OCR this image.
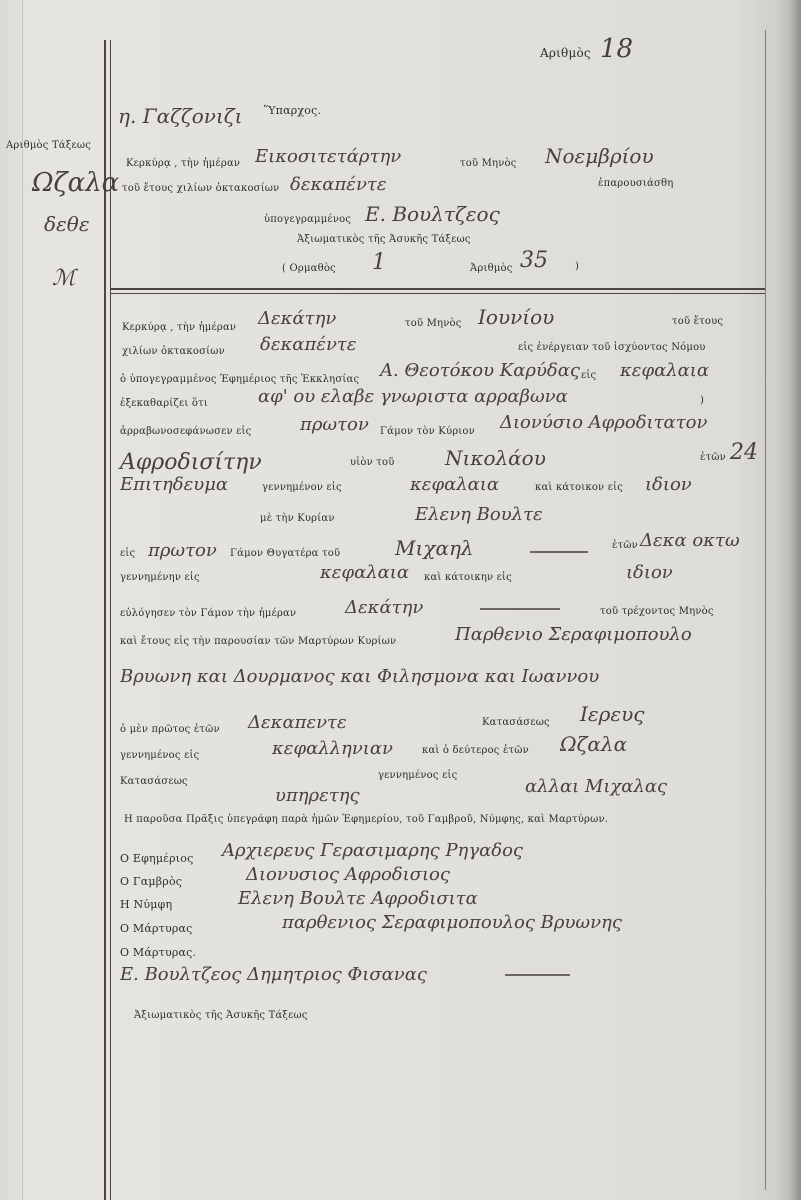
Αριθμὸς Τάξεως
Ωζαλα
δεθε
ℳ
Αριθμὸς 18
η. Γαζζονιζι Ὕπαρχος.
Κερκύρᾳ , τὴν ἡμέραν Εικοσιτετάρτην	τοῦ Μηνὸς Νοεμβρίου
τοῦ ἔτους χιλίων ὀκτακοσίων δεκαπέντε	ἐπαρουσιάσθη
ὑπογεγραμμένος Ε. Βουλτζεος
Ἀξιωματικὸς τῆς Ἀσυκῆς Τάξεως
( Ορμαθὸς 1	Ἀριθμὸς 35	)
Κερκύρᾳ , τὴν ἡμέραν Δεκάτην	τοῦ Μηνὸς Ιουνίου	τοῦ ἔτους
χιλίων ὀκτακοσίων δεκαπέντε	εἰς ἐνέργειαν τοῦ ἰσχύοντος Νόμου
ὁ ὑπογεγραμμένος Ἐφημέριος τῆς Ἐκκλησίας Α. Θεοτόκου Καρύδας εἰς κεφαλαια
ἐξεκαθαρίζει ὅτι	αφ' ου ελαβε γνωριστα αρραβωνα	)
ἀρραβωνοσεφάνωσεν εἰς	πρωτον Γάμον τὸν Κύριον Διονύσιο Αφροδιτατον
Αφροδισίτην	υἱὸν τοῦ	Νικολάου	ἐτῶν 24
Επιτηδευμα	γεννημένον εἰς	κεφαλαια	καὶ κάτοικον εἰς ιδιον
μὲ τὴν Κυρίαν	Ελενη Βουλτε
πρωτον
εἰς	Γάμον Θυγατέρα τοῦ	Μιχαηλ	ἐτῶν Δεκα οκτω
γεννημένην εἰς	κεφαλαια καὶ κάτοικην εἰς	ιδιον
εὐλόγησεν τὸν Γάμον τὴν ἡμέραν	Δεκάτην	τοῦ τρέχοντος Μηνὸς
καὶ ἔτους εἰς τὴν παρουσίαν τῶν Μαρτύρων Κυρίων	Παρθενιο Σεραφιμοπουλο
Βρυωνη και Δουρμανος και Φιλησμονα και Ιωαννου
ὁ μὲν πρῶτος ἐτῶν Δεκαπεντε	Κατασάσεως Ιερευς
γεννημένος εἰς	κεφαλληνιαν	καὶ ὁ δεύτερος ἐτῶν Ωζαλα
Κατασάσεως
γεννημένος εἰς
υπηρετης	αλλαι Μιχαλας
Η παροῦσα Πρᾶξις ὑπεγράφη παρὰ ἡμῶν Ἐφημερίου, τοῦ Γαμβροῦ, Νύμφης, καὶ Μαρτύρων.
Ο Εφημέριος Αρχιερευς Γερασιμαρης Ρηγαδος
Ο Γαμβρὸς	Διονυσιος Αφροδισιος
Η Νύμφη	Ελενη Βουλτε Αφροδισιτα
Ο Μάρτυρας	παρθενιος Σεραφιμοπουλος Βρυωνης
Ο Μάρτυρας.
Ε. Βουλτζεος Δημητριος Φισανας
Ἀξιωματικὸς τῆς Ἀσυκῆς Τάξεως
